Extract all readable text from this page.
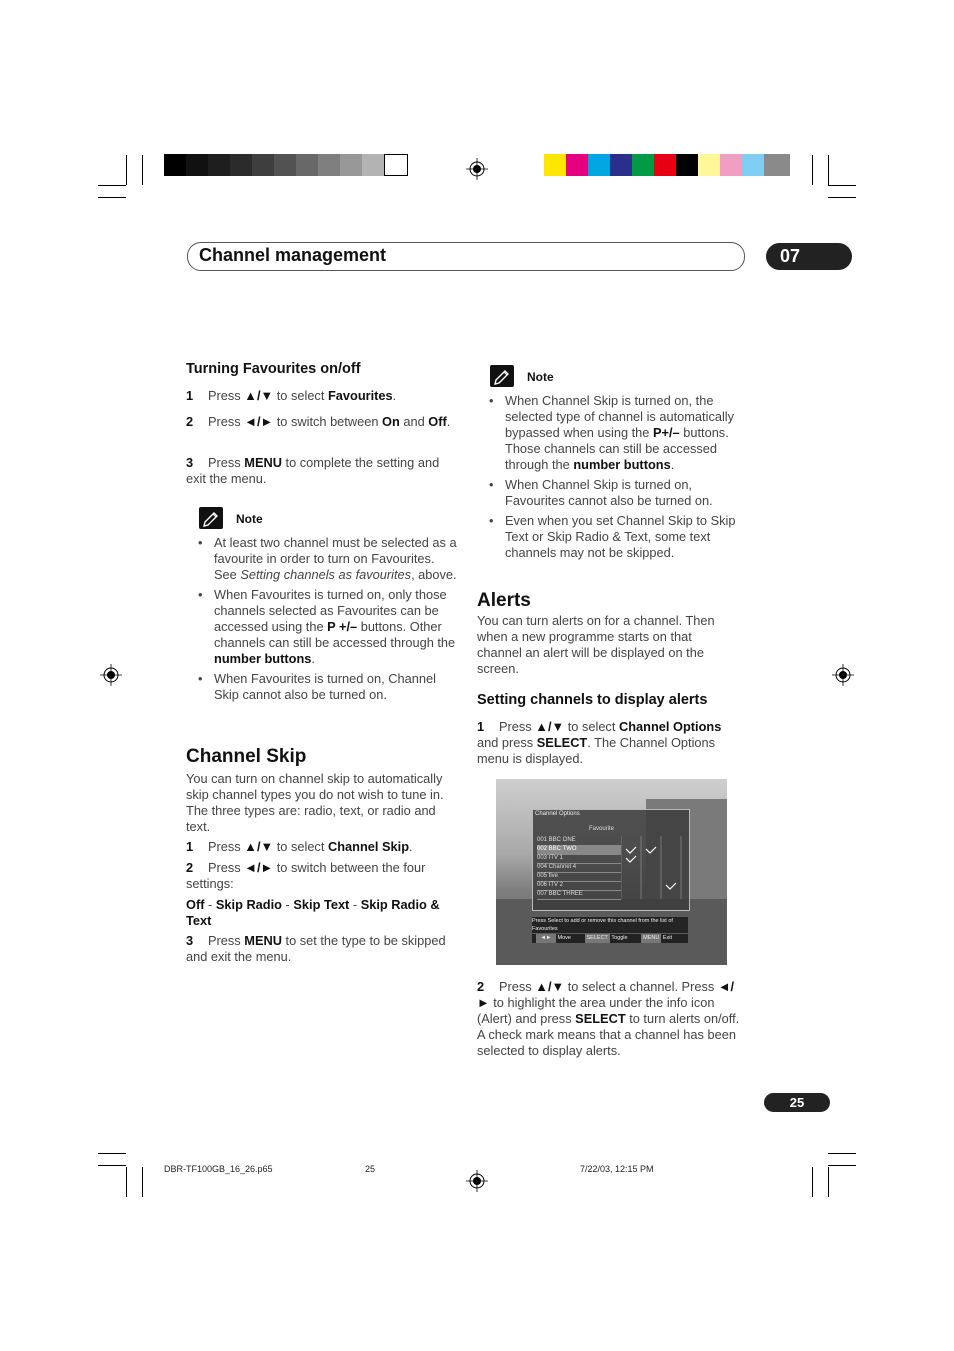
Channel management	07
Turning Favourites on/off
1 Press ▲/▼ to select Favourites.
2 Press ◄/► to switch between On and Off.
3 Press MENU to complete the setting and exit the menu.
Note
• At least two channel must be selected as a favourite in order to turn on Favourites. See Setting channels as favourites, above.
• When Favourites is turned on, only those channels selected as Favourites can be accessed using the P +/– buttons. Other channels can still be accessed through the number buttons.
• When Favourites is turned on, Channel Skip cannot also be turned on.
Channel Skip
You can turn on channel skip to automatically skip channel types you do not wish to tune in. The three types are: radio, text, or radio and text.
1 Press ▲/▼ to select Channel Skip.
2 Press ◄/► to switch between the four settings:
Off - Skip Radio - Skip Text - Skip Radio & Text
3 Press MENU to set the type to be skipped and exit the menu.
Note
• When Channel Skip is turned on, the selected type of channel is automatically bypassed when using the P+/– buttons. Those channels can still be accessed through the number buttons.
• When Channel Skip is turned on, Favourites cannot also be turned on.
• Even when you set Channel Skip to Skip Text or Skip Radio & Text, some text channels may not be skipped.
Alerts
You can turn alerts on for a channel. Then when a new programme starts on that channel an alert will be displayed on the screen.
Setting channels to display alerts
1 Press ▲/▼ to select Channel Options and press SELECT. The Channel Options menu is displayed.
Channel Options
Favourite
001 BBC ONE
002 BBC TWO
003 ITV 1
004 Channel 4
005 five
006 ITV 2
007 BBC THREE
Press Select to add or remove this channel from the list of Favourites
◄► Move	SELECT Toggle	MENU Exit
2 Press ▲/▼ to select a channel. Press ◄/► to highlight the area under the info icon (Alert) and press SELECT to turn alerts on/off. A check mark means that a channel has been selected to display alerts.
25
DBR-TF100GB_16_26.p65	25	7/22/03, 12:15 PM
